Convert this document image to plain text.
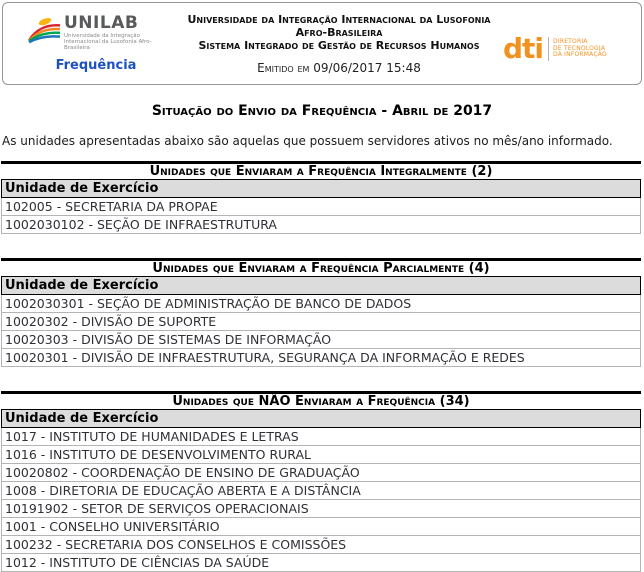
UNILAB
Universidade da Integração Internacional da Lusofonia Afro-Brasileira
Frequência
Universidade da Integração Internacional da Lusofonia Afro-Brasileira
Sistema Integrado de Gestão de Recursos Humanos
Emitido em 09/06/2017 15:48
dti DIRETORIA
DE TECNOLOGIA
DA INFORMAÇÃO
Situação do Envio da Frequência - Abril de 2017
As unidades apresentadas abaixo são aquelas que possuem servidores ativos no mês/ano informado.
Unidades que Enviaram a Frequência Integralmente (2)
Unidade de Exercício
102005 - SECRETARIA DA PROPAE
1002030102 - SEÇÃO DE INFRAESTRUTURA
Unidades que Enviaram a Frequência Parcialmente (4)
Unidade de Exercício
1002030301 - SEÇÃO DE ADMINISTRAÇÃO DE BANCO DE DADOS
10020302 - DIVISÃO DE SUPORTE
10020303 - DIVISÃO DE SISTEMAS DE INFORMAÇÃO
10020301 - DIVISÃO DE INFRAESTRUTURA, SEGURANÇA DA INFORMAÇÃO E REDES
Unidades que NÃO Enviaram a Frequência (34)
Unidade de Exercício
1017 - INSTITUTO DE HUMANIDADES E LETRAS
1016 - INSTITUTO DE DESENVOLVIMENTO RURAL
10020802 - COORDENAÇÃO DE ENSINO DE GRADUAÇÃO
1008 - DIRETORIA DE EDUCAÇÃO ABERTA E A DISTÂNCIA
10191902 - SETOR DE SERVIÇOS OPERACIONAIS
1001 - CONSELHO UNIVERSITÁRIO
100232 - SECRETARIA DOS CONSELHOS E COMISSÕES
1012 - INSTITUTO DE CIÊNCIAS DA SAÚDE
